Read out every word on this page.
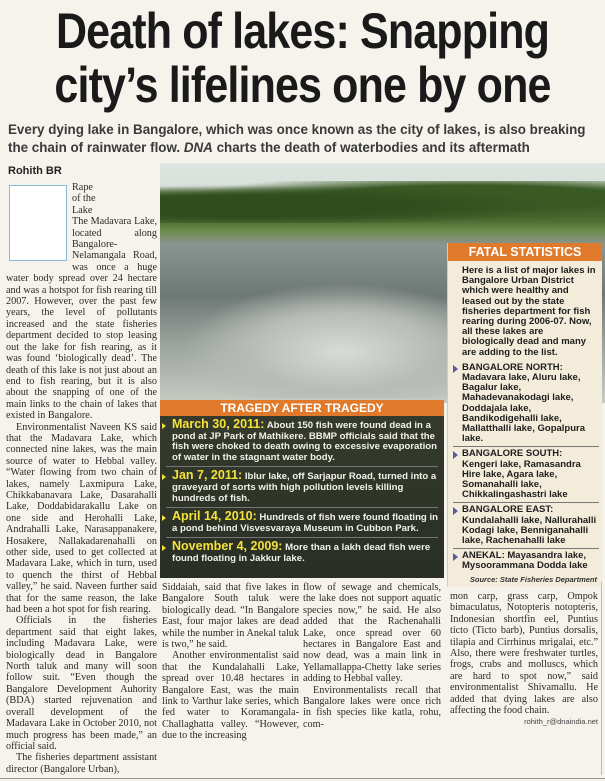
Death of lakes: Snapping
city’s lifelines one by one
Every dying lake in Bangalore, which was once known as the city of lakes, is also breaking the chain of rainwater flow. DNA charts the death of waterbodies and its aftermath
Rohith BR

Rape
of the
Lake
The Madavara Lake, located along Bangalore-Nelamangala Road, was once a huge water body spread over 24 hectare and was a hotspot for fish rearing till 2007. However, over the past few years, the level of pollutants increased and the state fisheries department decided to stop leasing out the lake for fish rearing, as it was found ‘biologically dead’. The death of this lake is not just about an end to fish rearing, but it is also about the snapping of one of the main links to the chain of lakes that existed in Bangalore.

Environmentalist Naveen KS said that the Madavara Lake, which connected nine lakes, was the main source of water to Hebbal valley. “Water flowing from two chain of lakes, namely Laxmipura Lake, Chikkabanavara Lake, Dasarahalli Lake, Doddabidarakallu Lake on one side and Herohalli Lake, Andrahalli Lake, Narasappanakere, Hosakere, Nallakadarenahalli on other side, used to get collected at Madavara Lake, which in turn, used to quench the thirst of Hebbal valley,” he said. Naveen further said that for the same reason, the lake had been a hot spot for fish rearing.

Officials in the fisheries department said that eight lakes, including Madavara Lake, were biologically dead in Bangalore North taluk and many will soon follow suit. “Even though the Bangalore Development Auhority (BDA) started rejuvenation and overall development of the Madavara Lake in October 2010, not much progress has been made,” an official said.

The fisheries department assistant director (Bangalore Urban),

TRAGEDY AFTER TRAGEDY
March 30, 2011: About 150 fish were found dead in a pond at JP Park of Mathikere. BBMP officials said that the fish were choked to death owing to excessive evaporation of water in the stagnant water body.
Jan 7, 2011: Iblur lake, off Sarjapur Road, turned into a graveyard of sorts with high pollution levels killing hundreds of fish.
April 14, 2010: Hundreds of fish were found floating in a pond behind Visvesvaraya Museum in Cubbon Park.
November 4, 2009: More than a lakh dead fish were found floating in Jakkur lake.
FATAL STATISTICS
Here is a list of major lakes in Bangalore Urban District which were healthy and leased out by the state fisheries department for fish rearing during 2006-07. Now, all these lakes are biologically dead and many are adding to the list.
BANGALORE NORTH: Madavara lake, Aluru lake, Bagalur lake, Mahadevanakodagi lake, Doddajala lake, Bandikodigehalli lake, Mallatthalli lake, Gopalpura lake.
BANGALORE SOUTH: Kengeri lake, Ramasandra Hire lake, Agara lake, Somanahalli lake, Chikkalingashastri lake
BANGALORE EAST: Kundalahalli lake, Nallurahalli Kodagi lake, Benniganahalli lake, Rachenahalli lake
ANEKAL: Mayasandra lake, Mysoorammana Dodda lake
Source: State Fisheries Department

Siddaiah, said that five lakes in Bangalore South taluk were biologically dead. “In Bangalore East, four major lakes are dead while the number in Anekal taluk is two,” he said.

Another environmentalist said that the Kundalahalli Lake, spread over 10.48 hectares in Bangalore East, was the main link to Varthur lake series, which fed water to Koramangala-Challaghatta valley. “However, due to the increasing

flow of sewage and chemicals, the lake does not support aquatic species now,” he said. He also added that the Rachenahalli Lake, once spread over 60 hectares in Bangalore East and now dead, was a main link in Yellamallappa-Chetty lake series adding to Hebbal valley.

Environmentalists recall that Bangalore lakes were once rich in fish species like katla, rohu, com-

mon carp, grass carp, Ompok bimaculatus, Notopteris notopteris, Indonesian shortfin eel, Puntius ticto (Ticto barb), Puntius dorsalis, tilapia and Cirrhinus mrigalai, etc.” Also, there were freshwater turtles, frogs, crabs and molluscs, which are hard to spot now,” said environmentalist Shivamallu. He added that dying lakes are also affecting the food chain.

rohith_r@dnaindia.net
